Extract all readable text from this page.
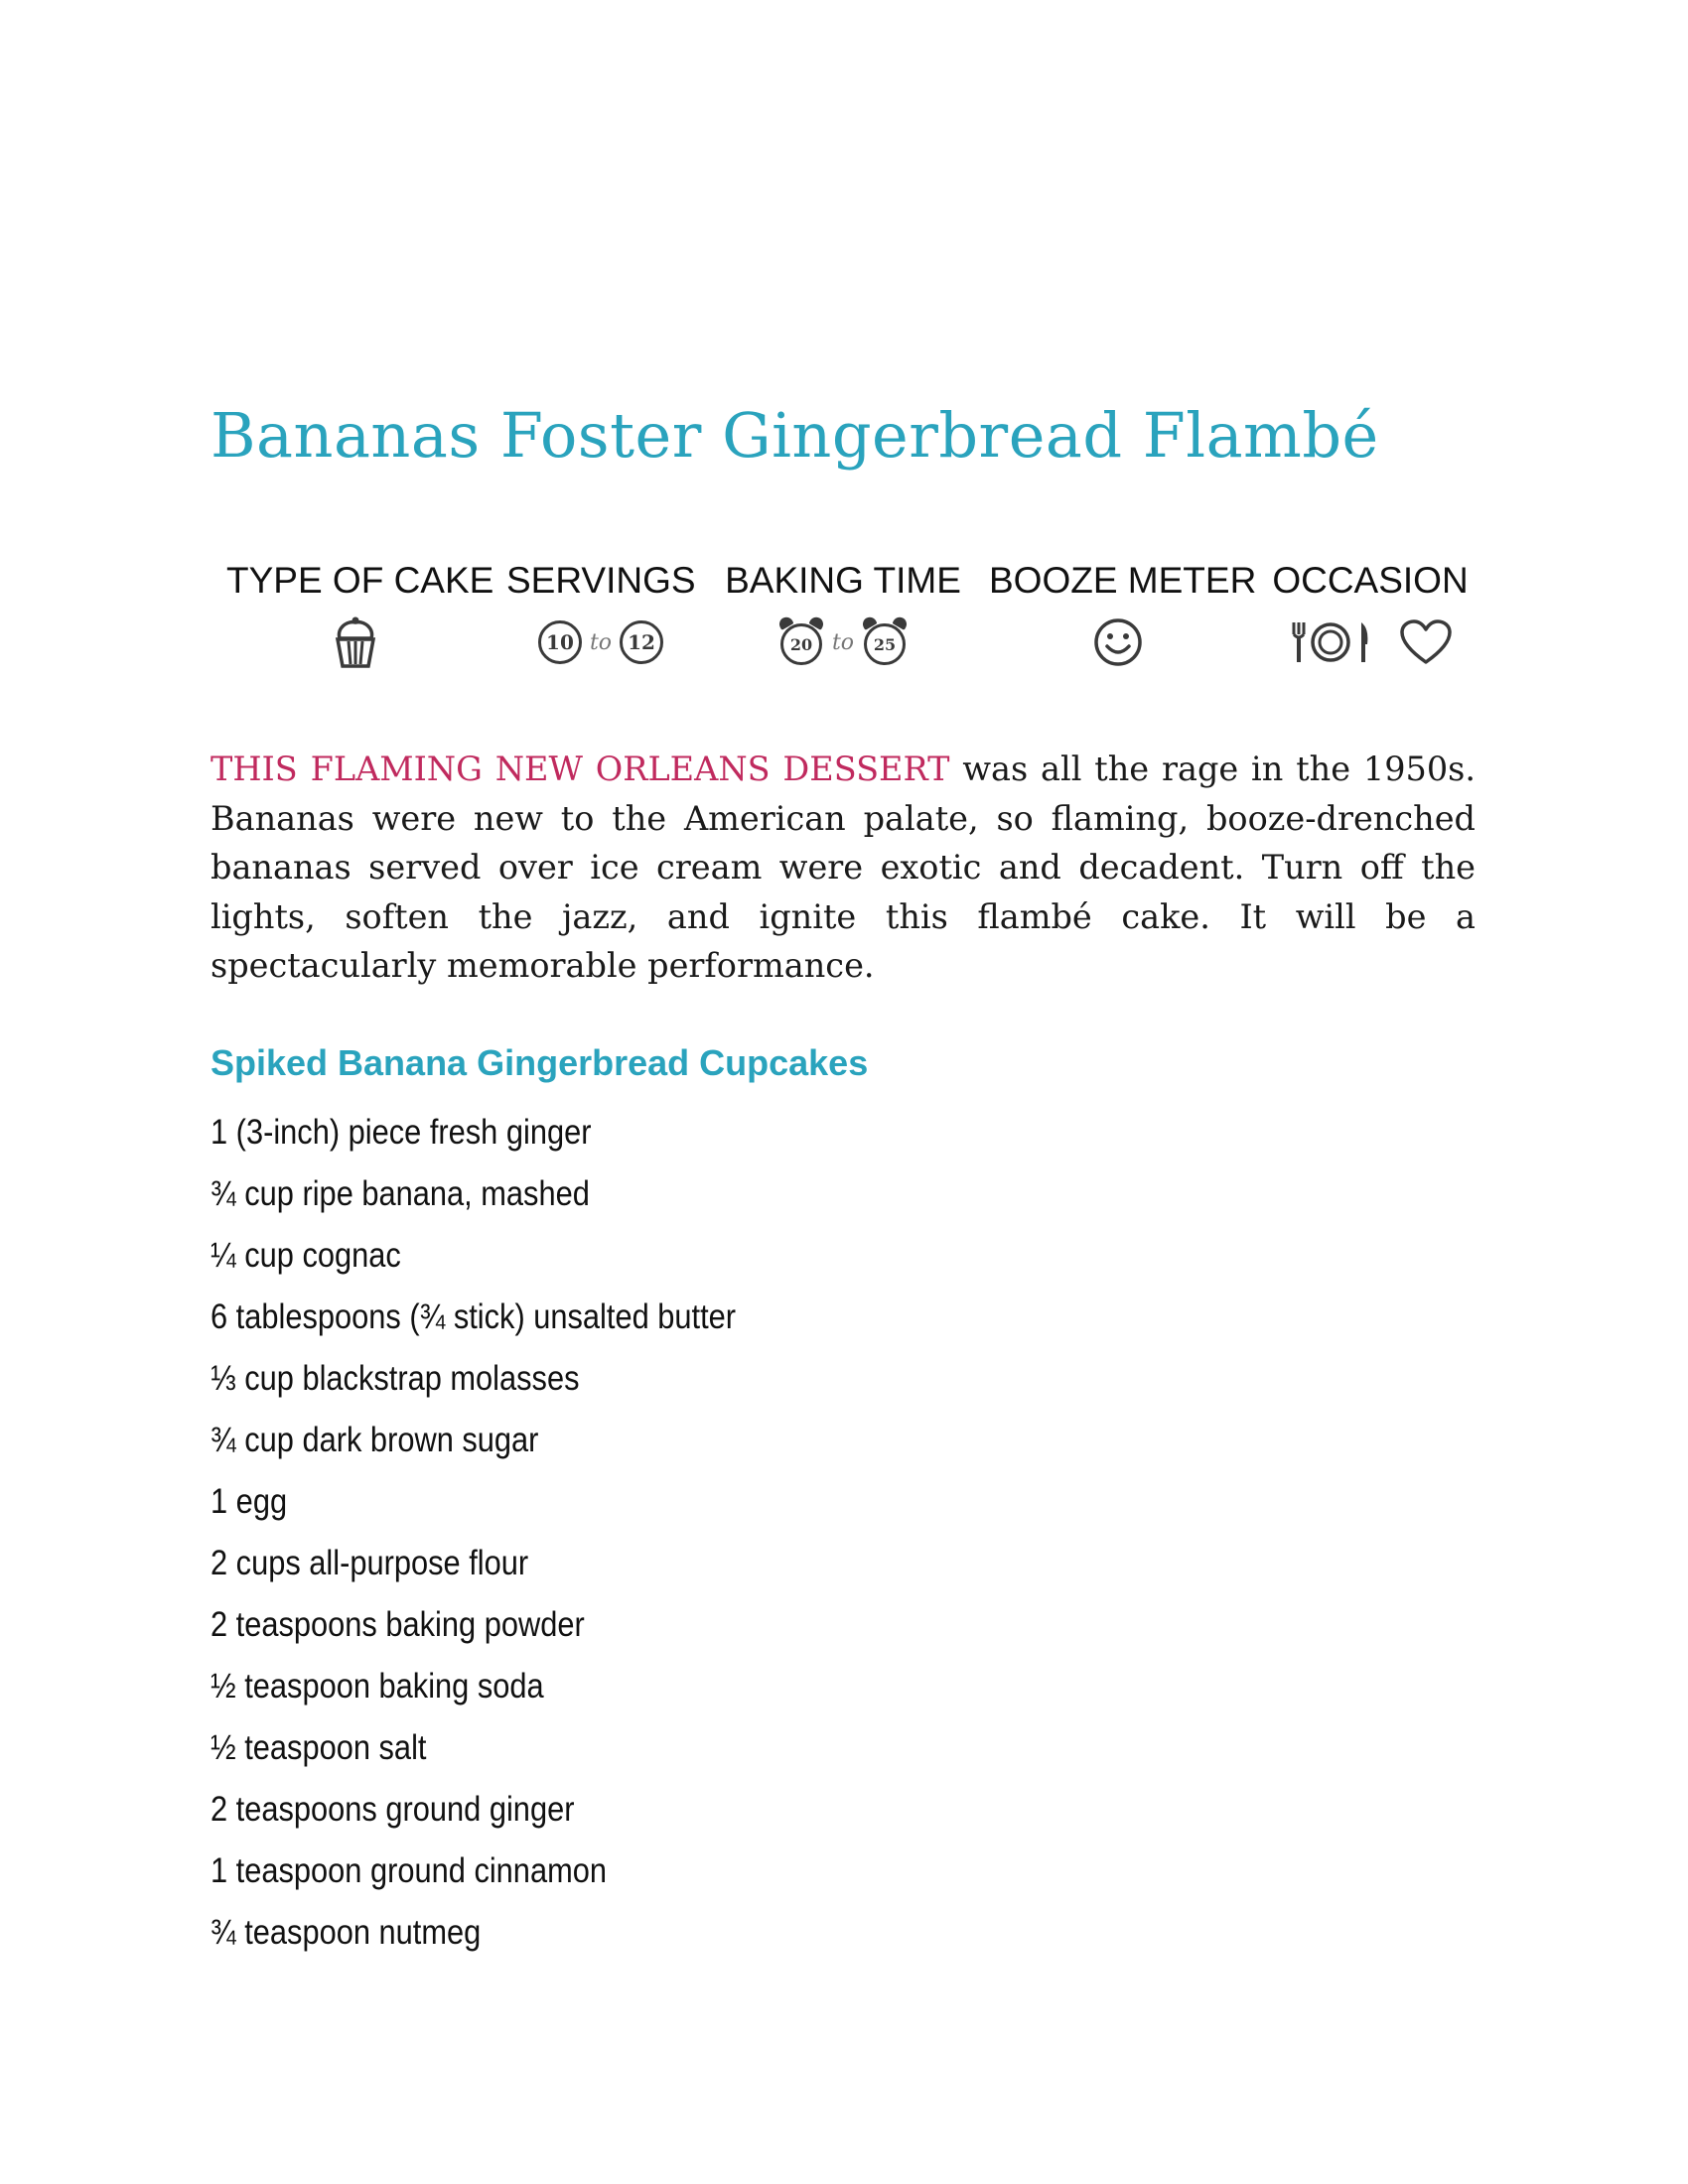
Bananas Foster Gingerbread Flambé
TYPE OF CAKE SERVINGS
10 to 12
BAKING TIME
20 to	25
BOOZE METER OCCASION

THIS FLAMING NEW ORLEANS DESSERT was all the rage in the 1950s. Bananas were new to the American palate, so flaming, booze-drenched bananas served over ice cream were exotic and decadent. Turn off the lights, soften the jazz, and ignite this flambé cake. It will be a spectacularly memorable performance.

Spiked Banana Gingerbread Cupcakes
1 (3-inch) piece fresh ginger
¾ cup ripe banana, mashed
¼ cup cognac
6 tablespoons (¾ stick) unsalted butter
⅓ cup blackstrap molasses
¾ cup dark brown sugar
1 egg
2 cups all-purpose flour
2 teaspoons baking powder
½ teaspoon baking soda
½ teaspoon salt
2 teaspoons ground ginger
1 teaspoon ground cinnamon
¾ teaspoon nutmeg
